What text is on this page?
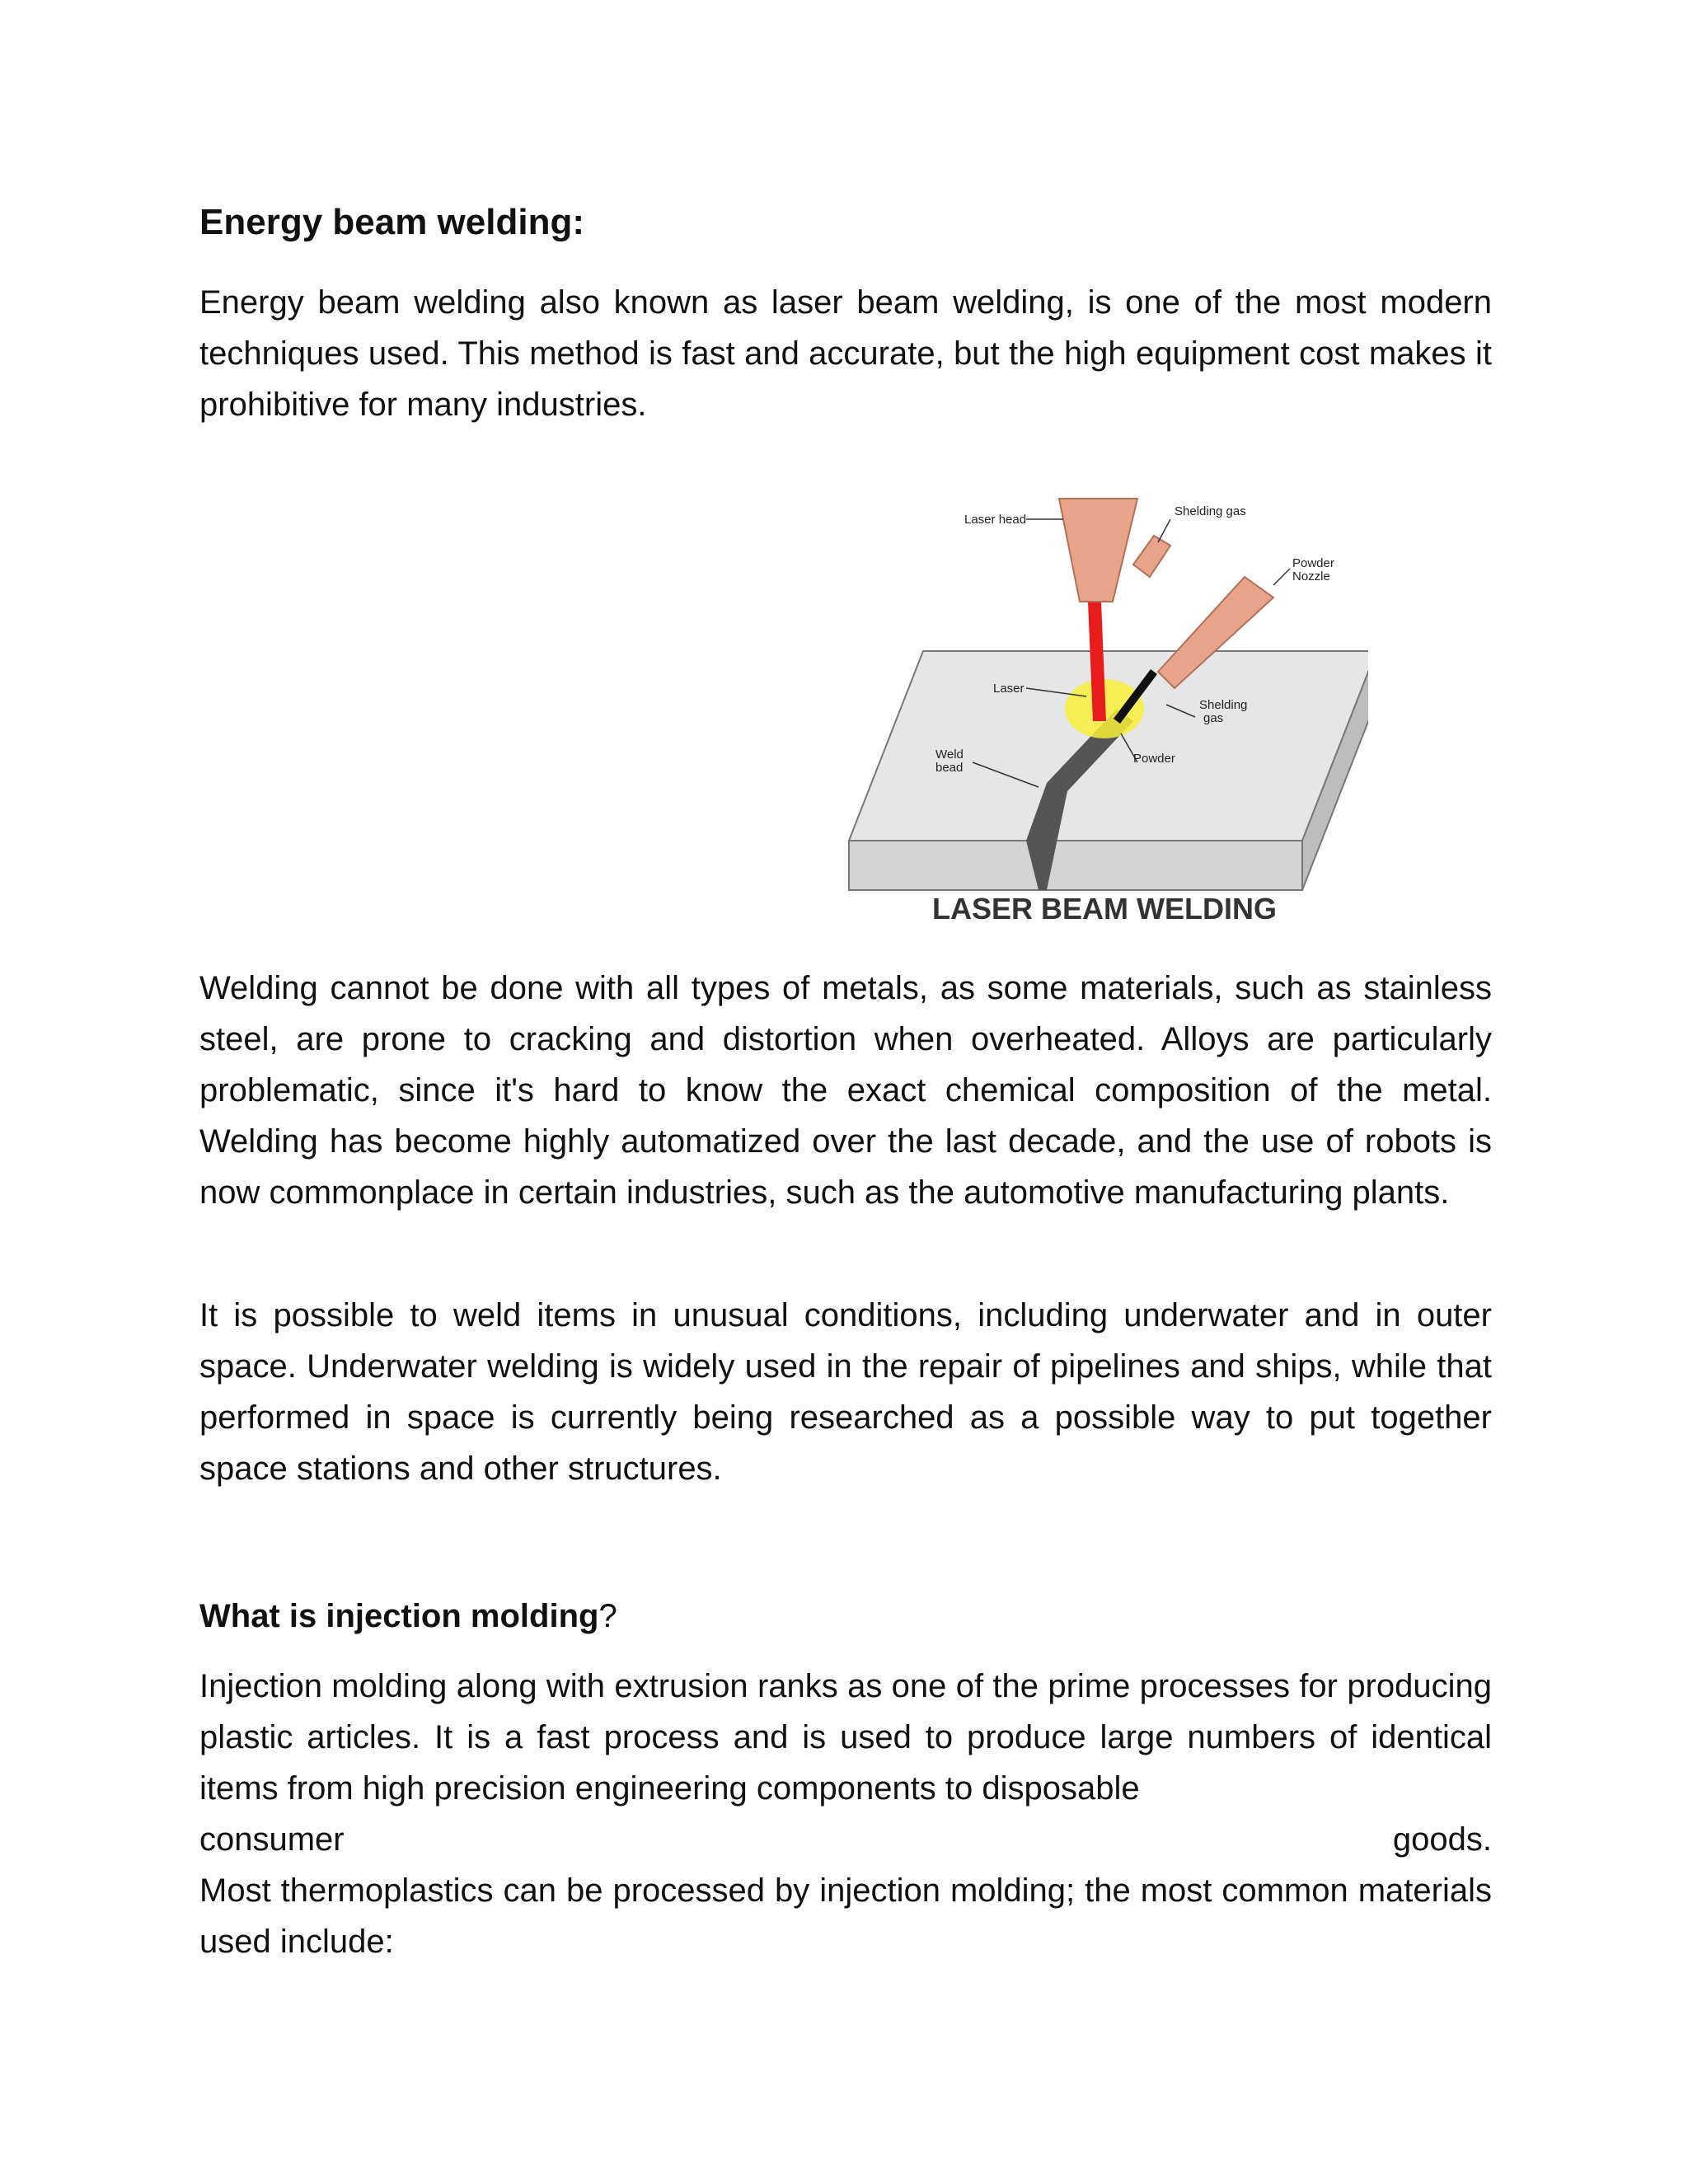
Energy beam welding:

Energy beam welding also known as laser beam welding, is one of the most modern techniques used. This method is fast and accurate, but the high equipment cost makes it prohibitive for many industries.

Laser head
Shelding gas
Powder
Nozzle
Laser
Shelding
gas
Weld
bead
Powder
LASER BEAM WELDING

Welding cannot be done with all types of metals, as some materials, such as stainless steel, are prone to cracking and distortion when overheated. Alloys are particularly problematic, since it's hard to know the exact chemical composition of the metal. Welding has become highly automatized over the last decade, and the use of robots is now commonplace in certain industries, such as the automotive manufacturing plants.

It is possible to weld items in unusual conditions, including underwater and in outer space. Underwater welding is widely used in the repair of pipelines and ships, while that performed in space is currently being researched as a possible way to put together space stations and other structures.

What is injection molding?

Injection molding along with extrusion ranks as one of the prime processes for producing plastic articles. It is a fast process and is used to produce large numbers of identical items from high precision engineering components to disposable

consumer	goods.

Most thermoplastics can be processed by injection molding; the most common materials used include:
